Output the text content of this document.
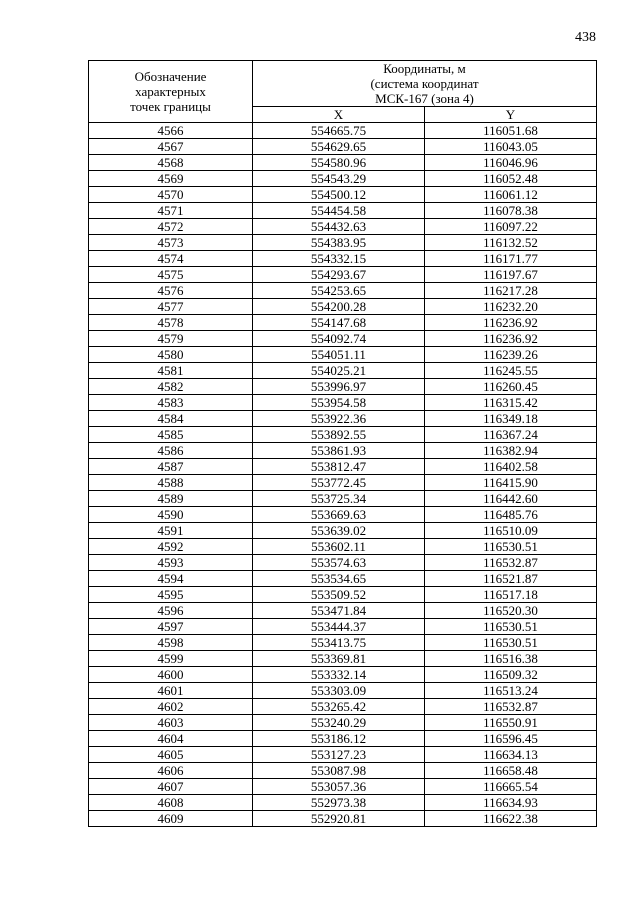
438
Обозначение
характерных
точек границы	Координаты, м
(система координат
МСК-167 (зона 4)	

	X	Y
4566	554665.75	116051.68
4567	554629.65	116043.05
4568	554580.96	116046.96
4569	554543.29	116052.48
4570	554500.12	116061.12
4571	554454.58	116078.38
4572	554432.63	116097.22
4573	554383.95	116132.52
4574	554332.15	116171.77
4575	554293.67	116197.67
4576	554253.65	116217.28
4577	554200.28	116232.20
4578	554147.68	116236.92
4579	554092.74	116236.92
4580	554051.11	116239.26
4581	554025.21	116245.55
4582	553996.97	116260.45
4583	553954.58	116315.42
4584	553922.36	116349.18
4585	553892.55	116367.24
4586	553861.93	116382.94
4587	553812.47	116402.58
4588	553772.45	116415.90
4589	553725.34	116442.60
4590	553669.63	116485.76
4591	553639.02	116510.09
4592	553602.11	116530.51
4593	553574.63	116532.87
4594	553534.65	116521.87
4595	553509.52	116517.18
4596	553471.84	116520.30
4597	553444.37	116530.51
4598	553413.75	116530.51
4599	553369.81	116516.38
4600	553332.14	116509.32
4601	553303.09	116513.24
4602	553265.42	116532.87
4603	553240.29	116550.91
4604	553186.12	116596.45
4605	553127.23	116634.13
4606	553087.98	116658.48
4607	553057.36	116665.54
4608	552973.38	116634.93
4609	552920.81	116622.38
